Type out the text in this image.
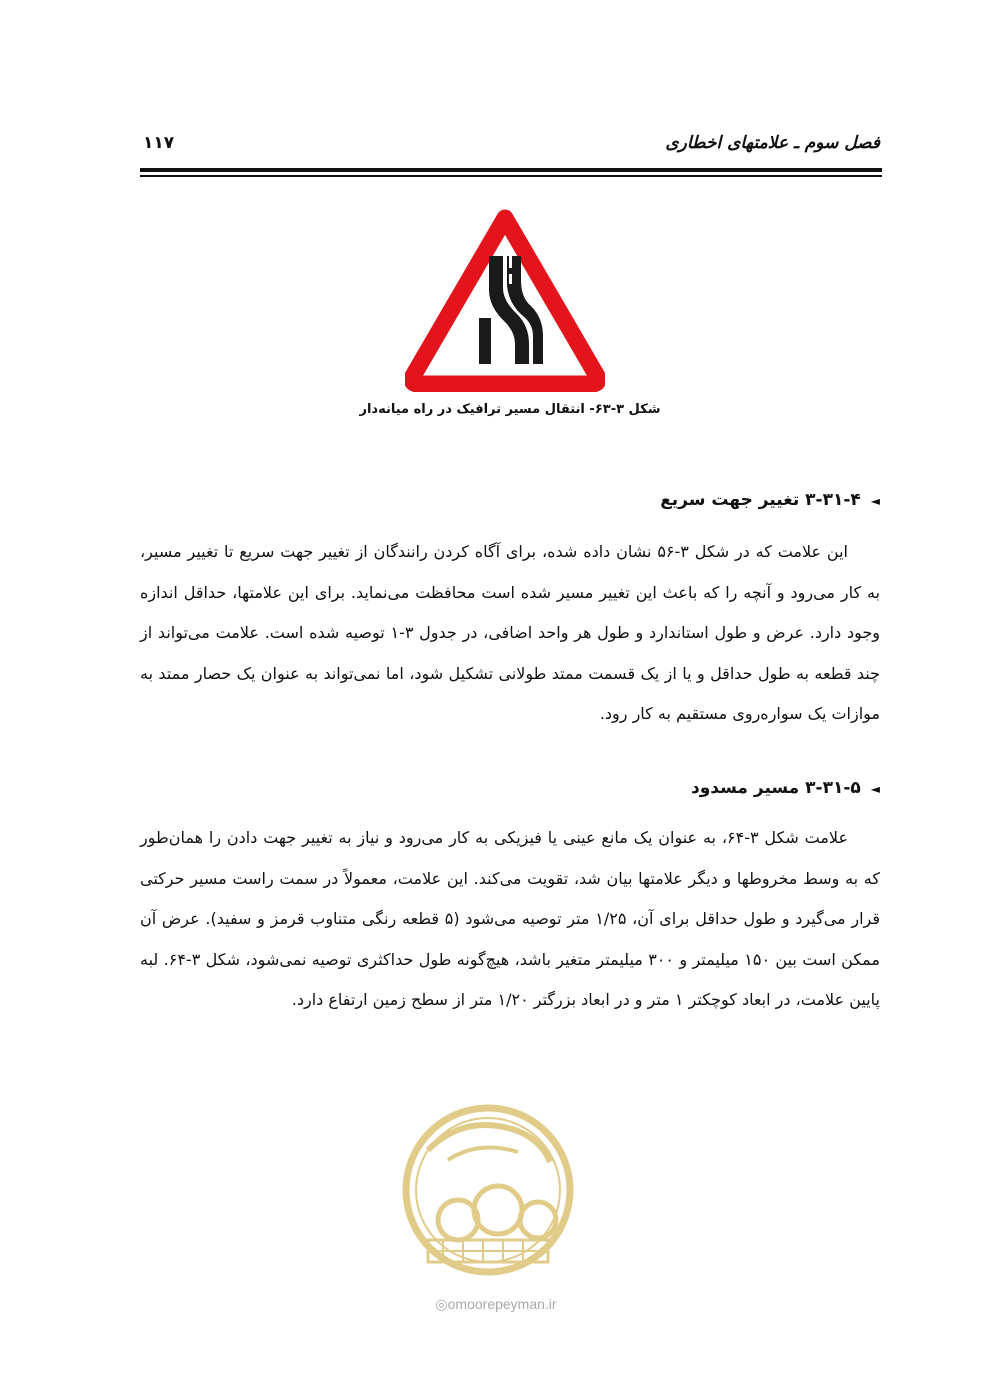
فصل سوم ـ علامتهای اخطاری
۱۱۷
شکل ۳-۶۳- انتقال مسیر ترافیک در راه میانه‌دار
◄۳-۳۱-۴ تغییر جهت سریع

این علامت که در شکل ۳-۵۶ نشان داده شده، برای آگاه کردن رانندگان از تغییر جهت سریع تا تغییر مسیر، به کار می‌رود و آنچه را که باعث این تغییر مسیر شده است محافظت می‌نماید. برای این علامتها، حداقل اندازه وجود دارد. عرض و طول استاندارد و طول هر واحد اضافی، در جدول ۳-۱ توصیه شده است. علامت می‌تواند از چند قطعه به طول حداقل و یا از یک قسمت ممتد طولانی تشکیل شود، اما نمی‌تواند به عنوان یک حصار ممتد به موازات یک سواره‌روی مستقیم به کار رود.

◄۳-۳۱-۵ مسیر مسدود

علامت شکل ۳-۶۴، به عنوان یک مانع عینی یا فیزیکی به کار می‌رود و نیاز به تغییر جهت دادن را همان‌طور که به وسط مخروطها و دیگر علامتها بیان شد، تقویت می‌کند. این علامت، معمولاً در سمت راست مسیر حرکتی قرار می‌گیرد و طول حداقل برای آن، ۱/۲۵ متر توصیه می‌شود (۵ قطعه رنگی متناوب قرمز و سفید). عرض آن ممکن است بین ۱۵۰ میلیمتر و ۳۰۰ میلیمتر متغیر باشد، هیچ‌گونه طول حداکثری توصیه نمی‌شود، شکل ۳-۶۴. لبه پایین علامت، در ابعاد کوچکتر ۱ متر و در ابعاد بزرگتر ۱/۲۰ متر از سطح زمین ارتفاع دارد.

◎omoorepeyman.ir
